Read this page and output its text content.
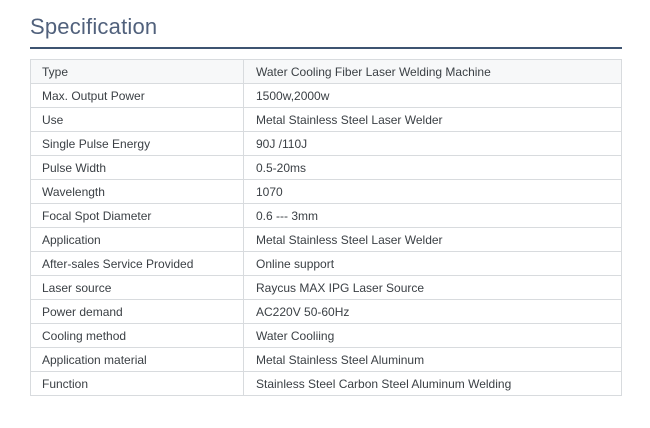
Specification
Type	Water Cooling Fiber Laser Welding Machine
Max. Output Power	1500w,2000w
Use	Metal Stainless Steel Laser Welder
Single Pulse Energy	90J /110J
Pulse Width	0.5-20ms
Wavelength	1070
Focal Spot Diameter	0.6 --- 3mm
Application	Metal Stainless Steel Laser Welder
After-sales Service Provided	Online support
Laser source	Raycus MAX IPG Laser Source
Power demand	AC220V 50-60Hz
Cooling method	Water Cooliing
Application material	Metal Stainless Steel Aluminum
Function	Stainless Steel Carbon Steel Aluminum Welding
